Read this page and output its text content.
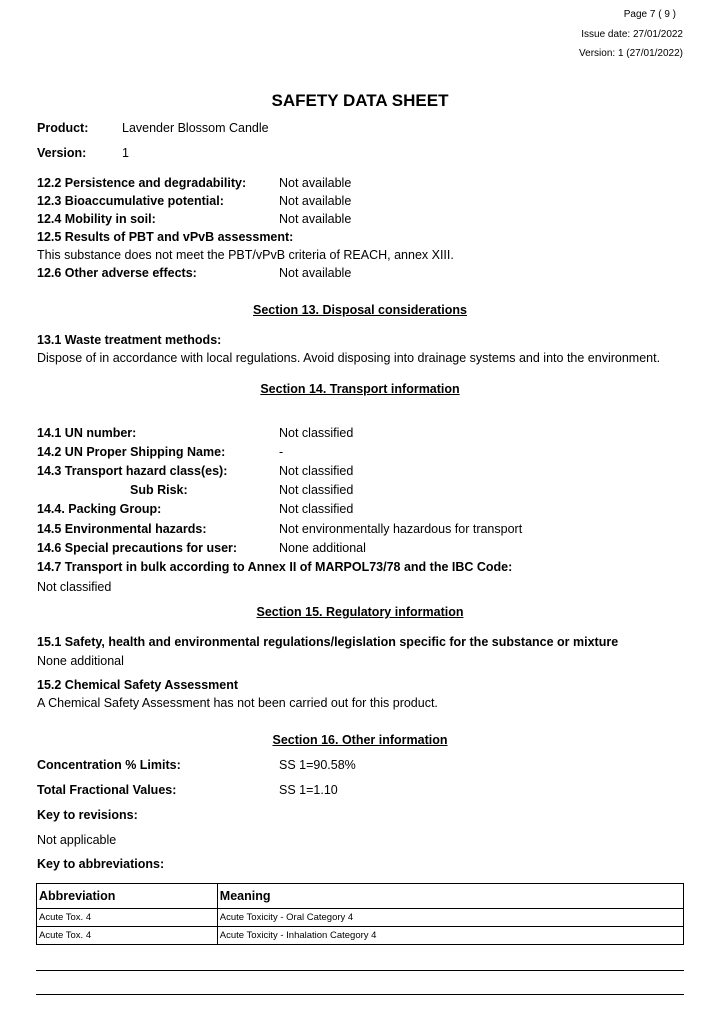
Page 7 ( 9 )
Issue date: 27/01/2022
Version: 1 (27/01/2022)
SAFETY DATA SHEET
Product:	Lavender Blossom Candle
Version:	1
12.2 Persistence and degradability:	Not available
12.3 Bioaccumulative potential:	Not available
12.4 Mobility in soil:	Not available
12.5 Results of PBT and vPvB assessment:
This substance does not meet the PBT/vPvB criteria of REACH, annex XIII.
12.6 Other adverse effects:	Not available
Section 13. Disposal considerations
13.1 Waste treatment methods:
Dispose of in accordance with local regulations. Avoid disposing into drainage systems and into the environment.
Section 14. Transport information
14.1 UN number:	Not classified
14.2 UN Proper Shipping Name:	-
14.3 Transport hazard class(es):	Not classified
Sub Risk:	Not classified
14.4. Packing Group:	Not classified
14.5 Environmental hazards:	Not environmentally hazardous for transport
14.6 Special precautions for user:	None additional
14.7 Transport in bulk according to Annex II of MARPOL73/78 and the IBC Code:
Not classified
Section 15. Regulatory information
15.1 Safety, health and environmental regulations/legislation specific for the substance or mixture
None additional
15.2 Chemical Safety Assessment
A Chemical Safety Assessment has not been carried out for this product.
Section 16. Other information
Concentration % Limits:	SS 1=90.58%
Total Fractional Values:	SS 1=1.10
Key to revisions:
Not applicable
Key to abbreviations:
Abbreviation	Meaning
Acute Tox. 4	Acute Toxicity - Oral Category 4
Acute Tox. 4	Acute Toxicity - Inhalation Category 4
